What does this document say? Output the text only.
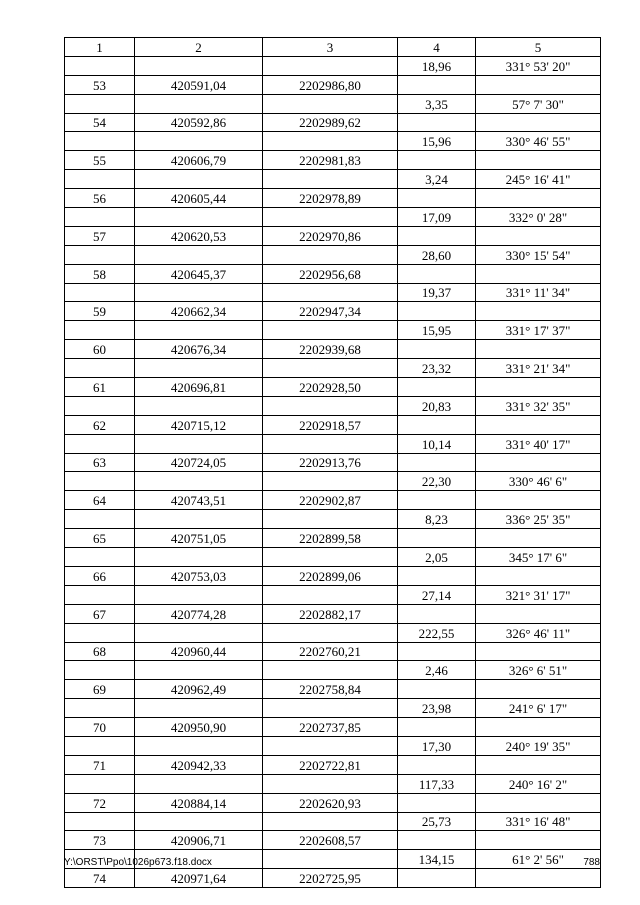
1	2	3	4	5
			18,96	331° 53' 20"
53	420591,04	2202986,80		
			3,35	57° 7' 30"
54	420592,86	2202989,62		
			15,96	330° 46' 55"
55	420606,79	2202981,83		
			3,24	245° 16' 41"
56	420605,44	2202978,89		
			17,09	332° 0' 28"
57	420620,53	2202970,86		
			28,60	330° 15' 54"
58	420645,37	2202956,68		
			19,37	331° 11' 34"
59	420662,34	2202947,34		
			15,95	331° 17' 37"
60	420676,34	2202939,68		
			23,32	331° 21' 34"
61	420696,81	2202928,50		
			20,83	331° 32' 35"
62	420715,12	2202918,57		
			10,14	331° 40' 17"
63	420724,05	2202913,76		
			22,30	330° 46' 6"
64	420743,51	2202902,87		
			8,23	336° 25' 35"
65	420751,05	2202899,58		
			2,05	345° 17' 6"
66	420753,03	2202899,06		
			27,14	321° 31' 17"
67	420774,28	2202882,17		
			222,55	326° 46' 11"
68	420960,44	2202760,21		
			2,46	326° 6' 51"
69	420962,49	2202758,84		
			23,98	241° 6' 17"
70	420950,90	2202737,85		
			17,30	240° 19' 35"
71	420942,33	2202722,81		
			117,33	240° 16' 2"
72	420884,14	2202620,93		
			25,73	331° 16' 48"
73	420906,71	2202608,57		
			134,15	61° 2' 56"
74	420971,64	2202725,95		
Y:\ORST\Ppo\1026p673.f18.docx	788
